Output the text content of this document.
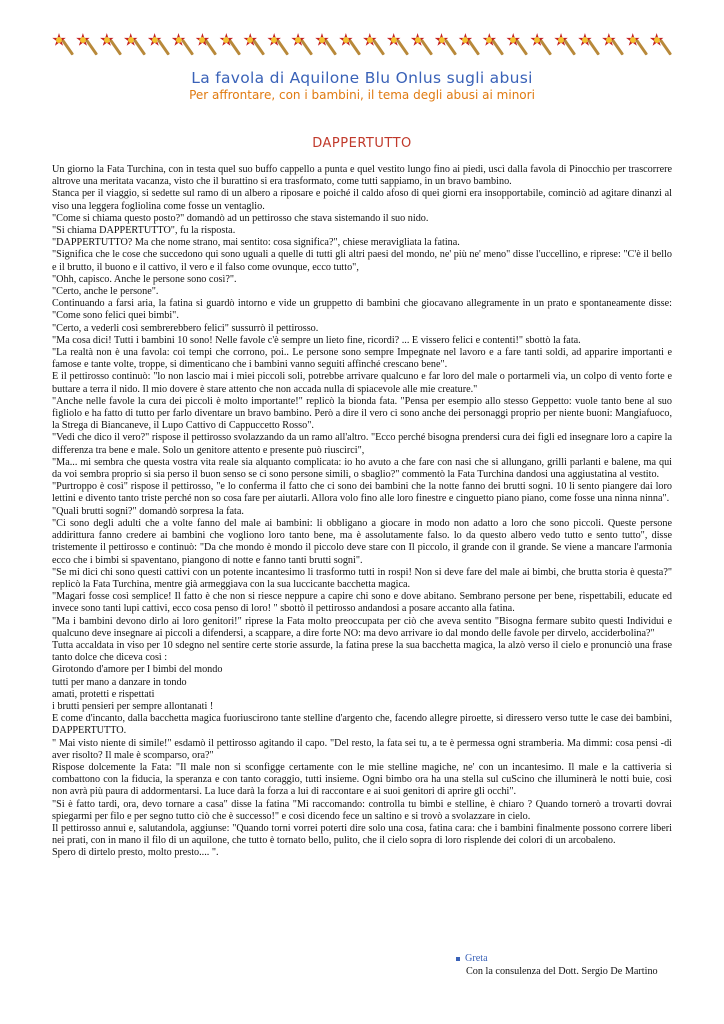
La favola di Aquilone Blu Onlus sugli abusi
Per affrontare, con i bambini, il tema degli abusi ai minori
DAPPERTUTTO

Un giorno la Fata Turchina, con in testa quel suo buffo cappello a punta e quel vestito lungo fino ai piedi, uscì dalla favola di Pinocchio per trascorrere altrove una meritata vacanza, visto che il burattino si era trasformato, come tutti sappiamo, in un bravo bambino.

Stanca per il viaggio, si sedette sul ramo di un albero a riposare e poiché il caldo afoso di quei giorni era insopportabile, cominciò ad agitare dinanzi al viso una leggera fogliolina come fosse un ventaglio.

"Come si chiama questo posto?" domandò ad un pettirosso che stava sistemando il suo nido.

"Si chiama DAPPERTUTTO", fu la risposta.

"DAPPERTUTTO? Ma che nome strano, mai sentito: cosa significa?", chiese meravigliata la fatina.

"Significa che le cose che succedono qui sono uguali a quelle di tutti gli altri paesi del mondo, ne' più ne' meno" disse l'uccellino, e riprese: "C'è il bello e il brutto, il buono e il cattivo, il vero e il falso come ovunque, ecco tutto",

"Ohh, capisco. Anche le persone sono così?".

"Certo, anche le persone".

Continuando a farsi aria, la fatina si guardò intorno e vide un gruppetto di bambini che giocavano allegramente in un prato e spontaneamente disse: "Come sono felici quei bimbi".

"Certo, a vederli così sembrerebbero felici" sussurrò il pettirosso.

"Ma cosa dici! Tutti i bambini 10 sono! Nelle favole c'è sempre un lieto fine, ricordi? ... E vissero felici e contenti!" sbottò la fata.

"La realtà non è una favola: coi tempi che corrono, poi.. Le persone sono sempre Impegnate nel lavoro e a fare tanti soldi, ad apparire importanti e famose e tante volte, troppe, si dimenticano che i bambini vanno seguiti affinché crescano bene".

E il pettirosso continuò: "lo non lascio mai i miei piccoli soli, potrebbe arrivare qualcuno e far loro del male o portarmeli via, un colpo di vento forte e buttare a terra il nido. Il mio dovere è stare attento che non accada nulla di spiacevole alle mie creature."

"Anche nelle favole la cura dei piccoli è molto importante!" replicò la bionda fata. "Pensa per esempio allo stesso Geppetto: vuole tanto bene al suo figliolo e ha fatto di tutto per farlo diventare un bravo bambino. Però a dire il vero ci sono anche dei personaggi proprio per niente buoni: Mangiafuoco, la Strega di Biancaneve, il Lupo Cattivo di Cappuccetto Rosso".

"Vedi che dico il vero?" rispose il pettirosso svolazzando da un ramo all'altro. "Ecco perché bisogna prendersi cura dei figli ed insegnare loro a capire la differenza tra bene e male. Solo un genitore attento e presente può riuscirci",

"Ma... mi sembra che questa vostra vita reale sia alquanto complicata: io ho avuto a che fare con nasi che si allungano, grilli parlanti e balene, ma qui da voi sembra proprio si sia perso il buon senso se ci sono persone simili, o sbaglio?" commentò la Fata Turchina dandosi una aggiustatina al vestito.

"Purtroppo è così" rispose il pettirosso, "e lo conferma il fatto che ci sono dei bambini che la notte fanno dei brutti sogni. 10 li sento piangere dai loro lettini e divento tanto triste perché non so cosa fare per aiutarli. Allora volo fino alle loro finestre e cinguetto piano piano, come fosse una ninna ninna".

"Quali brutti sogni?" domandò sorpresa la fata.

"Ci sono degli adulti che a volte fanno del male ai bambini: li obbligano a giocare in modo non adatto a loro che sono piccoli. Queste persone addirittura fanno credere ai bambini che vogliono loro tanto bene, ma è assolutamente falso. lo da questo albero vedo tutto e sento tutto", disse tristemente il pettirosso e continuò: "Da che mondo è mondo il piccolo deve stare con Il piccolo, il grande con il grande. Se viene a mancare l'armonia ecco che i bimbi si spaventano, piangono di notte e fanno tanti brutti sogni".

"Se mi dici chi sono questi cattivi con un potente incantesimo li trasformo tutti in rospi! Non si deve fare del male ai bimbi, che brutta storia è questa?" replicò la Fata Turchina, mentre già armeggiava con la sua luccicante bacchetta magica.

"Magari fosse così semplice! Il fatto è che non si riesce neppure a capire chi sono e dove abitano. Sembrano persone per bene, rispettabili, educate ed invece sono tanti lupi cattivi, ecco cosa penso di loro! " sbottò il pettirosso andandosi a posare accanto alla fatina.

"Ma i bambini devono dirlo ai loro genitori!" riprese la Fata molto preoccupata per ciò che aveva sentito "Bisogna fermare subito questi Individui e qualcuno deve insegnare ai piccoli a difendersi, a scappare, a dire forte NO: ma devo arrivare io dal mondo delle favole per dirvelo, acciderbolina?"

Tutta accaldata in viso per 10 sdegno nel sentire certe storie assurde, la fatina prese la sua bacchetta magica, la alzò verso il cielo e pronunciò una frase tanto dolce che diceva così :

Girotondo d'amore per I bimbi del mondo

tutti per mano a danzare in tondo

amati, protetti e rispettati

i brutti pensieri per sempre allontanati !

E come d'incanto, dalla bacchetta magica fuoriuscirono tante stelline d'argento che, facendo allegre piroette, si diressero verso tutte le case dei bambini, DAPPERTUTTO.

" Mai visto niente di simile!" esdamò il pettirosso agitando il capo. "Del resto, la fata sei tu, a te è permessa ogni stramberia. Ma dimmi: cosa pensi -di aver risolto? Il male è scomparso, ora?"

Rispose dolcemente la Fata: "Il male non si sconfigge certamente con le mie stelline magiche, ne' con un incantesimo. Il male e la cattiveria si combattono con la fiducia, la speranza e con tanto coraggio, tutti insieme. Ogni bimbo ora ha una stella sul cuScino che illuminerà le notti buie, così non avrà più paura di addormentarsi. La luce darà la forza a lui di raccontare e ai suoi genitori di aprire gli occhi".

"Si è fatto tardi, ora, devo tornare a casa" disse la fatina "Mi raccomando: controlla tu bimbi e stelline, è chiaro ? Quando tornerò a trovarti dovrai spiegarmi per filo e per segno tutto ciò che è successo!" e così dicendo fece un saltino e si trovò a svolazzare in cielo.

Il pettirosso annuì e, salutandola, aggiunse: "Quando torni vorrei poterti dire solo una cosa, fatina cara: che i bambini finalmente possono correre liberi nei prati, con in mano il filo di un aquilone, che tutto è tornato bello, pulito, che il cielo sopra di loro risplende dei colori di un arcobaleno.

Spero di dirtelo presto, molto presto.... ".

Greta
Con la consulenza del Dott. Sergio De Martino
